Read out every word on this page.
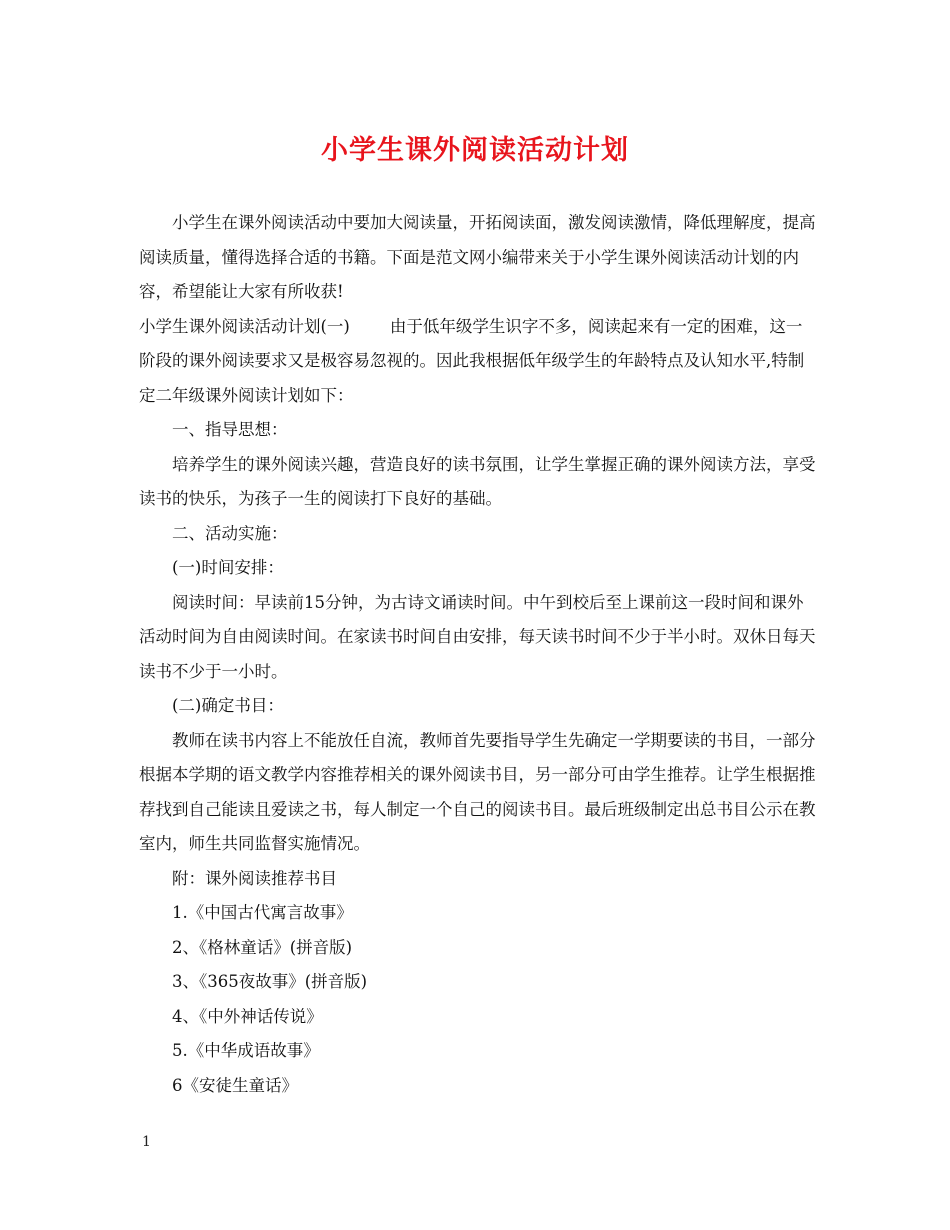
小学生课外阅读活动计划

小学生在课外阅读活动中要加大阅读量，开拓阅读面，激发阅读激情，降低理解度，提高阅读质量，懂得选择合适的书籍。下面是范文网小编带来关于小学生课外阅读活动计划的内容，希望能让大家有所收获!

小学生课外阅读活动计划(一) 由于低年级学生识字不多，阅读起来有一定的困难，这一阶段的课外阅读要求又是极容易忽视的。因此我根据低年级学生的年龄特点及认知水平,特制定二年级课外阅读计划如下：

一、指导思想：

培养学生的课外阅读兴趣，营造良好的读书氛围，让学生掌握正确的课外阅读方法，享受读书的快乐，为孩子一生的阅读打下良好的基础。

二、活动实施：

(一)时间安排：

阅读时间：早读前15分钟，为古诗文诵读时间。中午到校后至上课前这一段时间和课外活动时间为自由阅读时间。在家读书时间自由安排，每天读书时间不少于半小时。双休日每天读书不少于一小时。

(二)确定书目：

教师在读书内容上不能放任自流，教师首先要指导学生先确定一学期要读的书目，一部分根据本学期的语文教学内容推荐相关的课外阅读书目，另一部分可由学生推荐。让学生根据推荐找到自己能读且爱读之书，每人制定一个自己的阅读书目。最后班级制定出总书目公示在教室内，师生共同监督实施情况。

附：课外阅读推荐书目

1.《中国古代寓言故事》

2、《格林童话》(拼音版)

3、《365夜故事》(拼音版)

4、《中外神话传说》

5.《中华成语故事》

6《安徒生童话》

1
